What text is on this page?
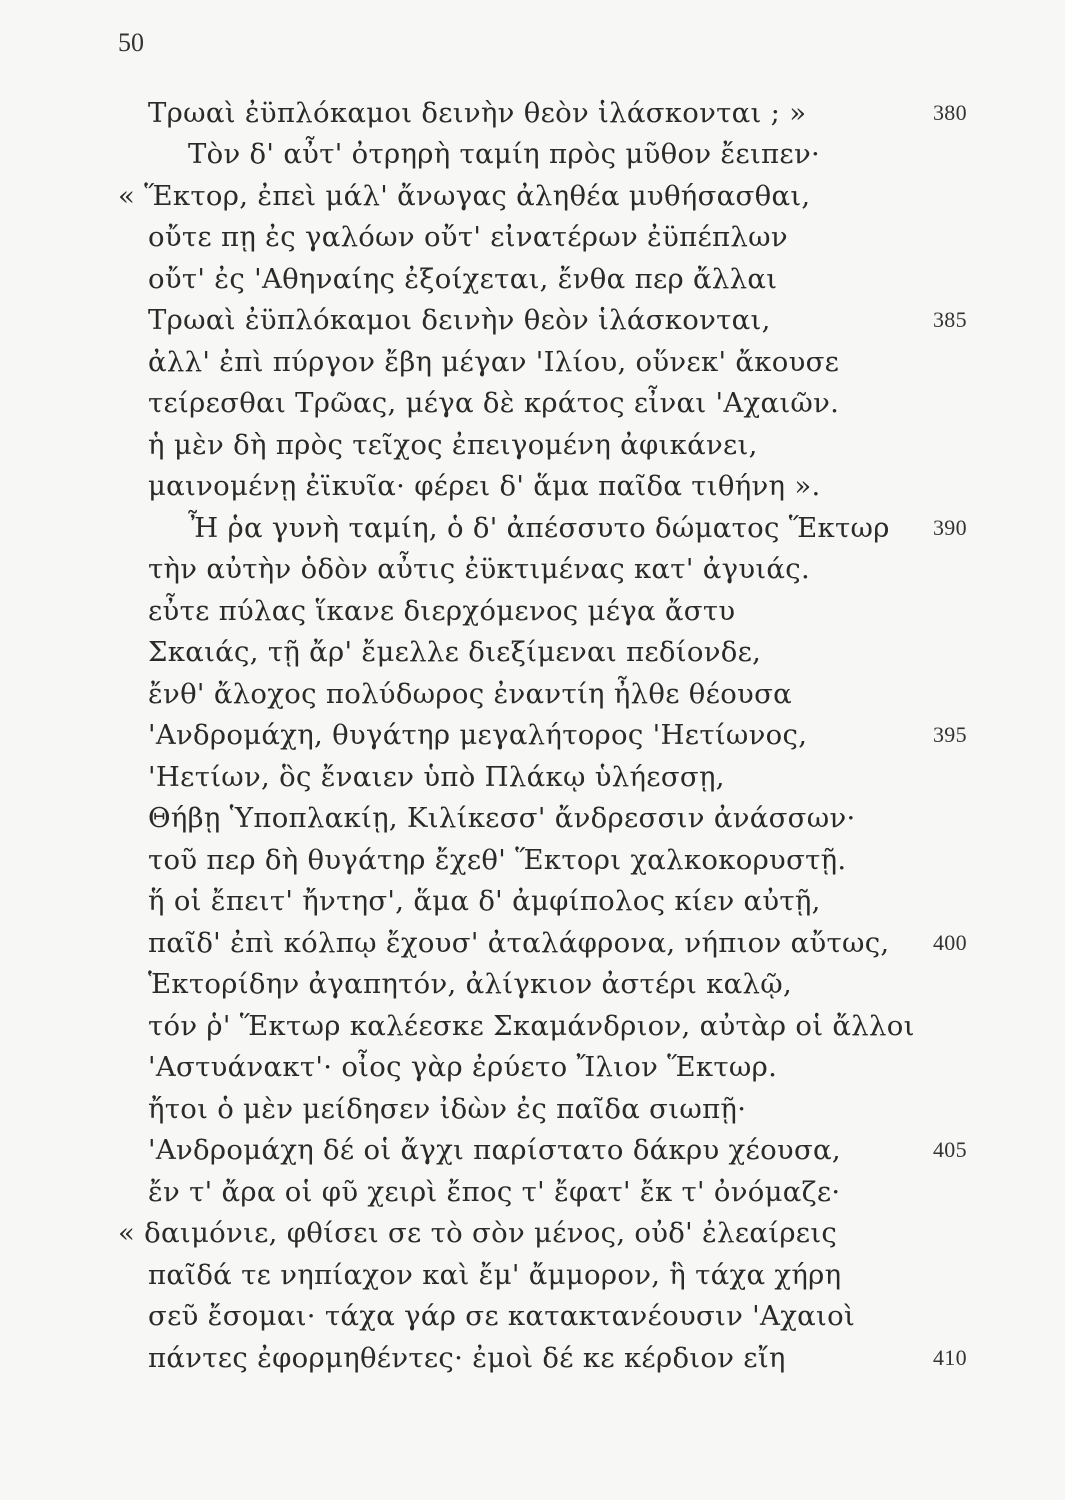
50
Τρωαὶ ἐϋπλόκαμοι δεινὴν θεὸν ἱλάσκονται ; »	380
Τὸν δ' αὖτ' ὀτρηρὴ ταμίη πρὸς μῦθον ἔειπεν·
« Ἕκτορ, ἐπεὶ μάλ' ἄνωγας ἀληθέα μυθήσασθαι,
οὔτε πῃ ἐς γαλόων οὔτ' εἰνατέρων ἐϋπέπλων
οὔτ' ἐς 'Αθηναίης ἐξοίχεται, ἔνθα περ ἄλλαι
Τρωαὶ ἐϋπλόκαμοι δεινὴν θεὸν ἱλάσκονται,	385
ἀλλ' ἐπὶ πύργον ἔβη μέγαν 'Ιλίου, οὕνεκ' ἄκουσε
τείρεσθαι Τρῶας, μέγα δὲ κράτος εἶναι 'Αχαιῶν.
ἡ μὲν δὴ πρὸς τεῖχος ἐπειγομένη ἀφικάνει,
μαινομένῃ ἐϊκυῖα· φέρει δ' ἅμα παῖδα τιθήνη ».
Ἦ ῥα γυνὴ ταμίη, ὁ δ' ἀπέσσυτο δώματος Ἕκτωρ 390
τὴν αὐτὴν ὁδὸν αὖτις ἐϋκτιμένας κατ' ἀγυιάς.
εὖτε πύλας ἵκανε διερχόμενος μέγα ἄστυ
Σκαιάς, τῇ ἄρ' ἔμελλε διεξίμεναι πεδίονδε,
ἔνθ' ἄλοχος πολύδωρος ἐναντίη ἦλθε θέουσα
'Ανδρομάχη, θυγάτηρ μεγαλήτορος 'Ηετίωνος,	395
'Ηετίων, ὃς ἔναιεν ὑπὸ Πλάκῳ ὑλήεσσῃ,
Θήβῃ Ὑποπλακίῃ, Κιλίκεσσ' ἄνδρεσσιν ἀνάσσων·
τοῦ περ δὴ θυγάτηρ ἔχεθ' Ἕκτορι χαλκοκορυστῇ.
ἥ οἱ ἔπειτ' ἤντησ', ἅμα δ' ἀμφίπολος κίεν αὐτῇ,
παῖδ' ἐπὶ κόλπῳ ἔχουσ' ἀταλάφρονα, νήπιον αὔτως, 400
Ἑκτορίδην ἀγαπητόν, ἀλίγκιον ἀστέρι καλῷ,
τόν ῥ' Ἕκτωρ καλέεσκε Σκαμάνδριον, αὐτὰρ οἱ ἄλλοι
'Αστυάνακτ'· οἶος γὰρ ἐρύετο Ἴλιον Ἕκτωρ.
ἤτοι ὁ μὲν μείδησεν ἰδὼν ἐς παῖδα σιωπῇ·
'Ανδρομάχη δέ οἱ ἄγχι παρίστατο δάκρυ χέουσα,	405
ἔν τ' ἄρα οἱ φῦ χειρὶ ἔπος τ' ἔφατ' ἔκ τ' ὀνόμαζε·
« δαιμόνιε, φθίσει σε τὸ σὸν μένος, οὐδ' ἐλεαίρεις
παῖδά τε νηπίαχον καὶ ἔμ' ἄμμορον, ἣ τάχα χήρη
σεῦ ἔσομαι· τάχα γάρ σε κατακτανέουσιν 'Αχαιοὶ
πάντες ἐφορμηθέντες· ἐμοὶ δέ κε κέρδιον εἴη	410
